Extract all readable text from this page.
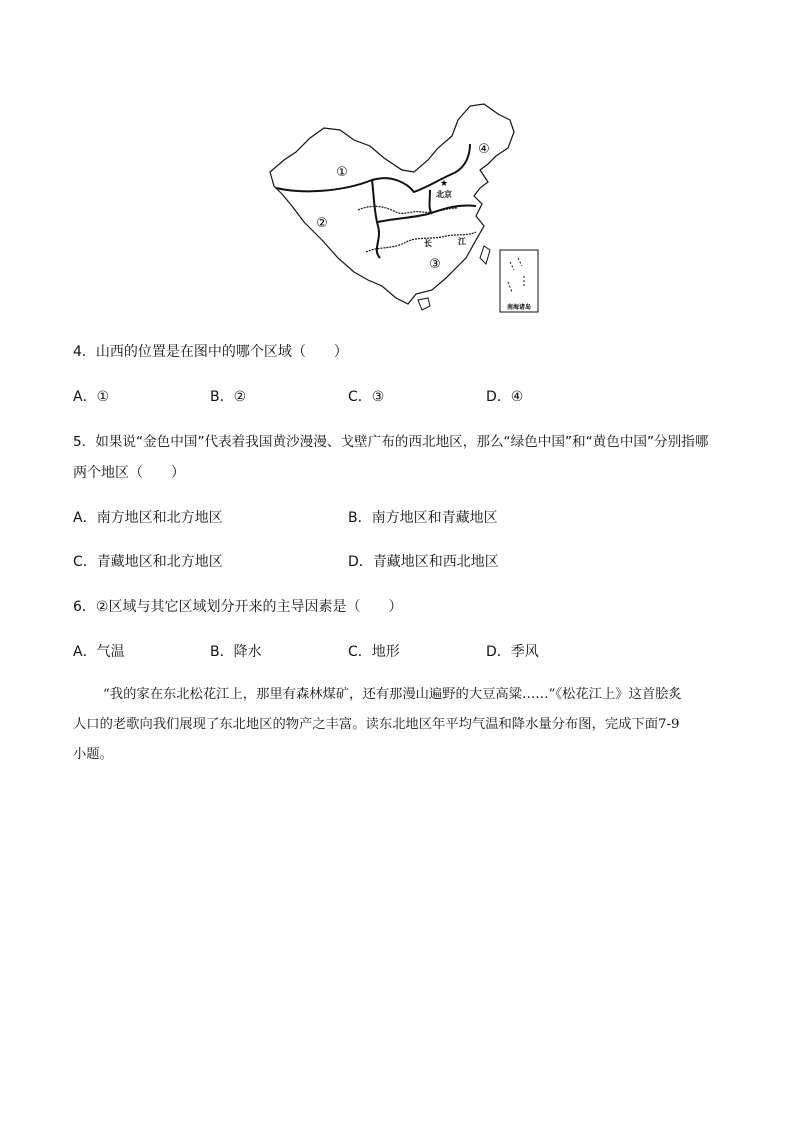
★
①
②
③
④
北京
长	江
南海诸岛
4．山西的位置是在图中的哪个区域（　　）
A．①	B．②	C．③	D．④
5．如果说“金色中国”代表着我国黄沙漫漫、戈壁广布的西北地区，那么“绿色中国”和“黄色中国”分别指哪
两个地区（　　）
A．南方地区和北方地区	B．南方地区和青藏地区
C．青藏地区和北方地区	D．青藏地区和西北地区
6．②区域与其它区域划分开来的主导因素是（　　）
A．气温	B．降水	C．地形	D．季风

“我的家在东北松花江上，那里有森林煤矿，还有那漫山遍野的大豆高粱……”《松花江上》这首脍炙

人口的老歌向我们展现了东北地区的物产之丰富。读东北地区年平均气温和降水量分布图，完成下面7-9

小题。
